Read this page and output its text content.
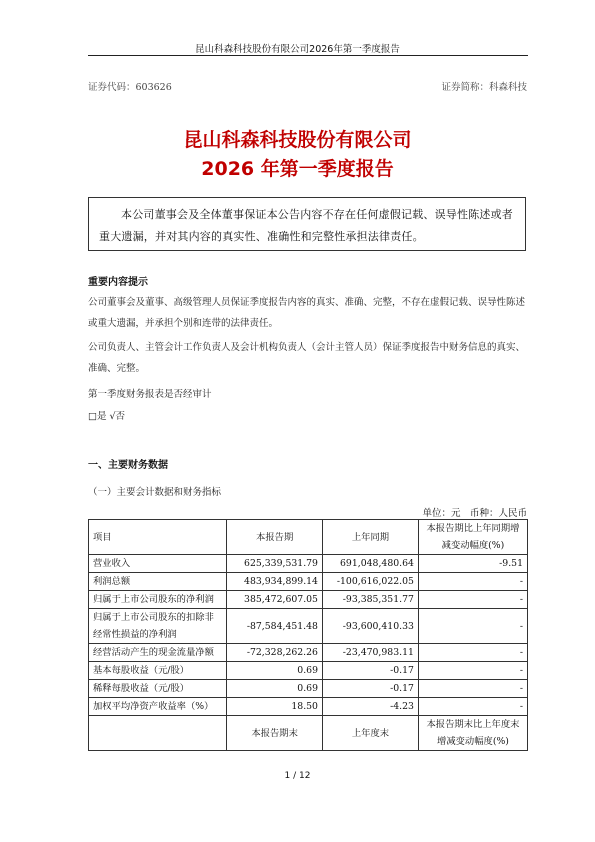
昆山科森科技股份有限公司2026年第一季度报告
证券代码：603626	证券简称：科森科技
昆山科森科技股份有限公司
2026 年第一季度报告
本公司董事会及全体董事保证本公告内容不存在任何虚假记载、误导性陈述或者重大遗漏，并对其内容的真实性、准确性和完整性承担法律责任。
重要内容提示
公司董事会及董事、高级管理人员保证季度报告内容的真实、准确、完整，不存在虚假记载、误导性陈述或重大遗漏，并承担个别和连带的法律责任。
公司负责人、主管会计工作负责人及会计机构负责人（会计主管人员）保证季度报告中财务信息的真实、准确、完整。
第一季度财务报表是否经审计
□是 √否
一、主要财务数据
（一）主要会计数据和财务指标
单位：元　币种：人民币
项目	本报告期	上年同期	本报告期比上年同期增减变动幅度(%)
营业收入	625,339,531.79	691,048,480.64	-9.51
利润总额	483,934,899.14	-100,616,022.05	-
归属于上市公司股东的净利润	385,472,607.05	-93,385,351.77	-
归属于上市公司股东的扣除非经常性损益的净利润	-87,584,451.48	-93,600,410.33	-
经营活动产生的现金流量净额	-72,328,262.26	-23,470,983.11	-
基本每股收益（元/股）	0.69	-0.17	-
稀释每股收益（元/股）	0.69	-0.17	-
加权平均净资产收益率（%）	18.50	-4.23	-
	本报告期末	上年度末	本报告期末比上年度末增减变动幅度(%)
1 / 12
